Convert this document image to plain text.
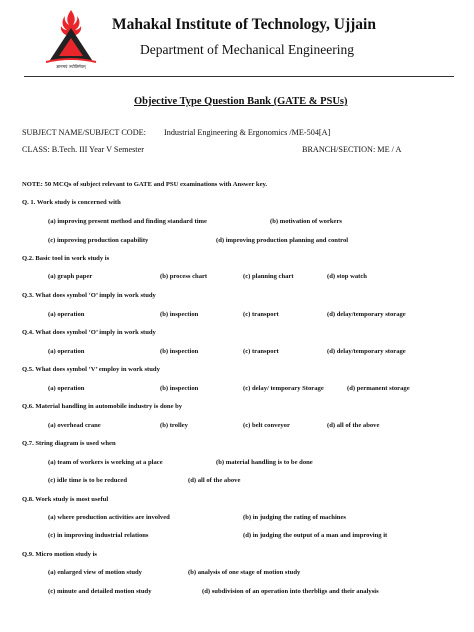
ज्ञानमयं ज्योतिर्मयम्
Mahakal Institute of Technology, Ujjain
Department of Mechanical Engineering
Objective Type Question Bank (GATE & PSUs)
SUBJECT NAME/SUBJECT CODE: Industrial Engineering & Ergonomics /ME-504[A]
CLASS: B.Tech. III Year V Semester	BRANCH/SECTION: ME / A
NOTE: 50 MCQs of subject relevant to GATE and PSU examinations with Answer key.
Q. 1. Work study is concerned with
(a) improving present method and finding standard time	(b) motivation of workers
(c) improving production capability	(d) improving production planning and control
Q.2. Basic tool in work study is
(a) graph paper	(b) process chart	(c) planning chart	(d) stop watch
Q.3. What does symbol ‘O’ imply in work study
(a) operation	(b) inspection	(c) transport	(d) delay/temporary storage
Q.4. What does symbol ‘O’ imply in work study
(a) operation	(b) inspection	(c) transport	(d) delay/temporary storage
Q.5. What does symbol ‘V’ employ in work study
(a) operation	(b) inspection	(c) delay/ temporary Storage	(d) permanent storage
Q.6. Material handling in automobile industry is done by
(a) overhead crane	(b) trolley	(c) belt conveyor	(d) all of the above
Q.7. String diagram is used when
(a) team of workers is working at a place	(b) material handling is to be done
(c) idle time is to be reduced	(d) all of the above
Q.8. Work study is most useful
(a) where production activities are involved	(b) in judging the rating of machines
(c) in improving industrial relations	(d) in judging the output of a man and improving it
Q.9. Micro motion study is
(a) enlarged view of motion study	(b) analysis of one stage of motion study
(c) minute and detailed motion study	(d) subdivision of an operation into therbligs and their analysis
